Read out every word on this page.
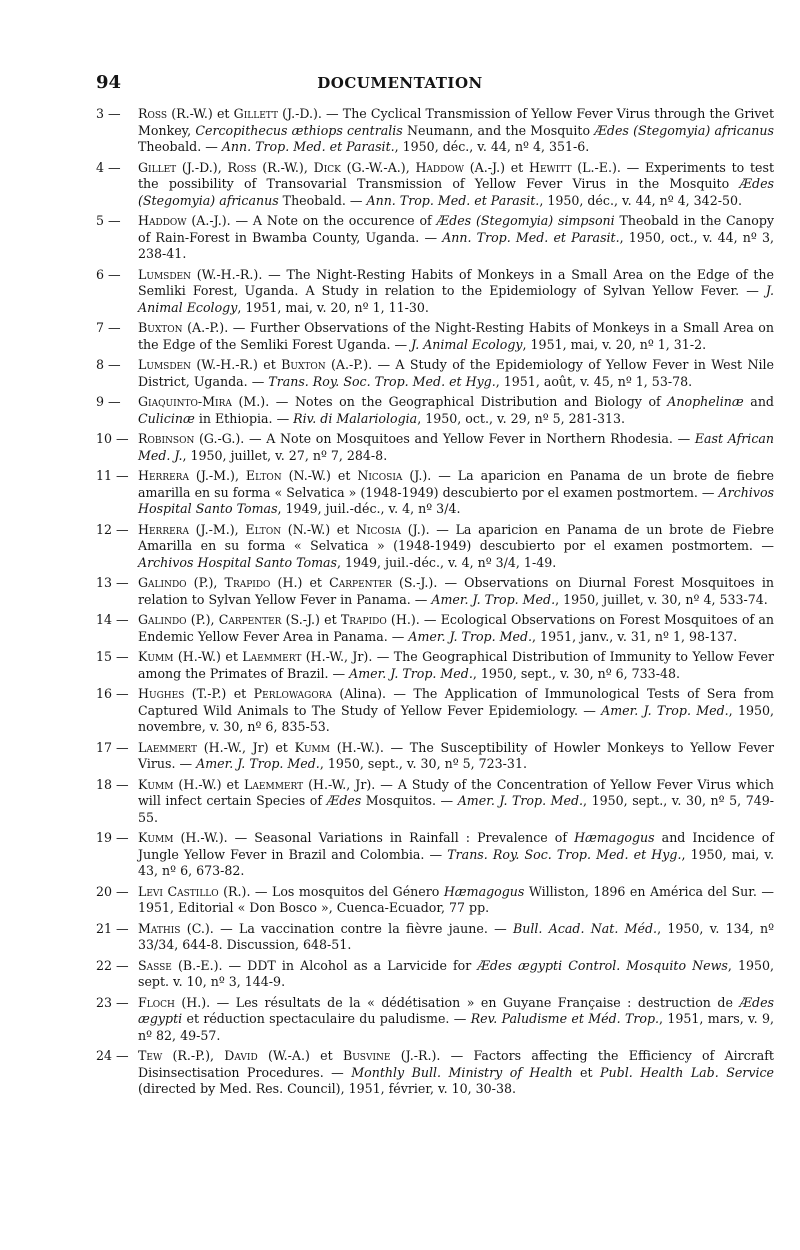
94	DOCUMENTATION
3 —	Ross (R.-W.) et Gillett (J.-D.). — The Cyclical Transmission of Yellow Fever Virus through the Grivet Monkey, Cercopithecus æthiops centralis Neumann, and the Mosquito Ædes (Stegomyia) africanus Theobald. — Ann. Trop. Med. et Parasit., 1950, déc., v. 44, nº 4, 351-6.
4 —	Gillet (J.-D.), Ross (R.-W.), Dick (G.-W.-A.), Haddow (A.-J.) et Hewitt (L.-E.). — Experiments to test the possibility of Transovarial Transmission of Yellow Fever Virus in the Mosquito Ædes (Stegomyia) africanus Theobald. — Ann. Trop. Med. et Parasit., 1950, déc., v. 44, nº 4, 342-50.
5 —	Haddow (A.-J.). — A Note on the occurence of Ædes (Stegomyia) simpsoni Theobald in the Canopy of Rain-Forest in Bwamba County, Uganda. — Ann. Trop. Med. et Parasit., 1950, oct., v. 44, nº 3, 238-41.
6 —	Lumsden (W.-H.-R.). — The Night-Resting Habits of Monkeys in a Small Area on the Edge of the Semliki Forest, Uganda. A Study in relation to the Epidemiology of Sylvan Yellow Fever. — J. Animal Ecology, 1951, mai, v. 20, nº 1, 11-30.
7 —	Buxton (A.-P.). — Further Observations of the Night-Resting Habits of Monkeys in a Small Area on the Edge of the Semliki Forest Uganda. — J. Animal Ecology, 1951, mai, v. 20, nº 1, 31-2.
8 —	Lumsden (W.-H.-R.) et Buxton (A.-P.). — A Study of the Epidemiology of Yellow Fever in West Nile District, Uganda. — Trans. Roy. Soc. Trop. Med. et Hyg., 1951, août, v. 45, nº 1, 53-78.
9 —	Giaquinto-Mira (M.). — Notes on the Geographical Distribution and Biology of Anophelinæ and Culicinæ in Ethiopia. — Riv. di Malariologia, 1950, oct., v. 29, nº 5, 281-313.
10 — Robinson (G.-G.). — A Note on Mosquitoes and Yellow Fever in Northern Rhodesia. — East African Med. J., 1950, juillet, v. 27, nº 7, 284-8.
11 — Herrera (J.-M.), Elton (N.-W.) et Nicosia (J.). — La aparicion en Panama de un brote de fiebre amarilla en su forma « Selvatica » (1948-1949) descubierto por el examen postmortem. — Archivos Hospital Santo Tomas, 1949, juil.-déc., v. 4, nº 3/4.
12 — Herrera (J.-M.), Elton (N.-W.) et Nicosia (J.). — La aparicion en Panama de un brote de Fiebre Amarilla en su forma « Selvatica » (1948-1949) descubierto por el examen postmortem. — Archivos Hospital Santo Tomas, 1949, juil.-déc., v. 4, nº 3/4, 1-49.
13 — Galindo (P.), Trapido (H.) et Carpenter (S.-J.). — Observations on Diurnal Forest Mosquitoes in relation to Sylvan Yellow Fever in Panama. — Amer. J. Trop. Med., 1950, juillet, v. 30, nº 4, 533-74.
14 — Galindo (P.), Carpenter (S.-J.) et Trapido (H.). — Ecological Observations on Forest Mosquitoes of an Endemic Yellow Fever Area in Panama. — Amer. J. Trop. Med., 1951, janv., v. 31, nº 1, 98-137.
15 — Kumm (H.-W.) et Laemmert (H.-W., Jr). — The Geographical Distribution of Immunity to Yellow Fever among the Primates of Brazil. — Amer. J. Trop. Med., 1950, sept., v. 30, nº 6, 733-48.
16 — Hughes (T.-P.) et Perlowagora (Alina). — The Application of Immunological Tests of Sera from Captured Wild Animals to The Study of Yellow Fever Epidemiology. — Amer. J. Trop. Med., 1950, novembre, v. 30, nº 6, 835-53.
17 — Laemmert (H.-W., Jr) et Kumm (H.-W.). — The Susceptibility of Howler Monkeys to Yellow Fever Virus. — Amer. J. Trop. Med., 1950, sept., v. 30, nº 5, 723-31.
18 — Kumm (H.-W.) et Laemmert (H.-W., Jr). — A Study of the Concentration of Yellow Fever Virus which will infect certain Species of Ædes Mosquitos. — Amer. J. Trop. Med., 1950, sept., v. 30, nº 5, 749-55.
19 — Kumm (H.-W.). — Seasonal Variations in Rainfall : Prevalence of Hæmagogus and Incidence of Jungle Yellow Fever in Brazil and Colombia. — Trans. Roy. Soc. Trop. Med. et Hyg., 1950, mai, v. 43, nº 6, 673-82.
20 — Levi Castillo (R.). — Los mosquitos del Género Hæmagogus Williston, 1896 en América del Sur. — 1951, Editorial « Don Bosco », Cuenca-Ecuador, 77 pp.
21 — Mathis (C.). — La vaccination contre la fièvre jaune. — Bull. Acad. Nat. Méd., 1950, v. 134, nº 33/34, 644-8. Discussion, 648-51.
22 — Sasse (B.-E.). — DDT in Alcohol as a Larvicide for Ædes ægypti Control. Mosquito News, 1950, sept. v. 10, nº 3, 144-9.
23 — Floch (H.). — Les résultats de la « dédétisation » en Guyane Française : destruction de Ædes ægypti et réduction spectaculaire du paludisme. — Rev. Paludisme et Méd. Trop., 1951, mars, v. 9, nº 82, 49-57.
24 — Tew (R.-P.), David (W.-A.) et Busvine (J.-R.). — Factors affecting the Efficiency of Aircraft Disinsectisation Procedures. — Monthly Bull. Ministry of Health et Publ. Health Lab. Service (directed by Med. Res. Council), 1951, février, v. 10, 30-38.
